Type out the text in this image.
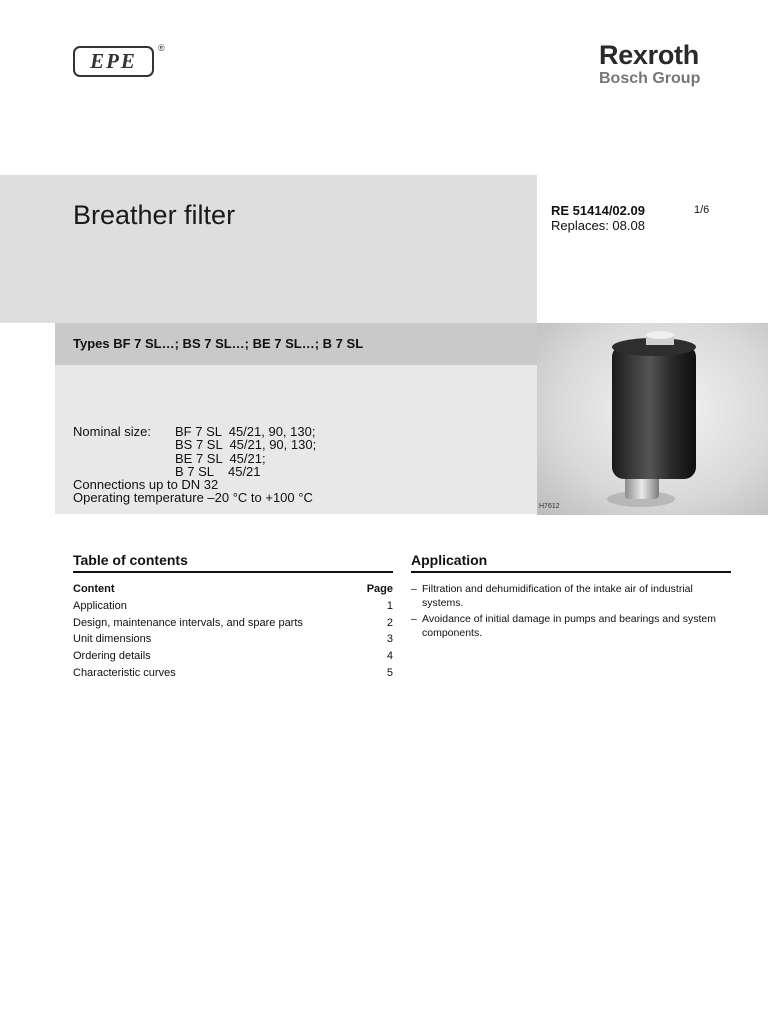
EPE
®	Rexroth
Bosch Group
Breather filter	RE 51414/02.09
Replaces: 08.08
1/6
Types BF 7 SL…; BS 7 SL…; BE 7 SL…; B 7 SL
Nominal size: BF 7 SL  45/21, 90, 130;
BS 7 SL  45/21, 90, 130;
BE 7 SL  45/21;
B 7 SL    45/21
Connections up to DN 32
Operating temperature –20 °C to +100 °C
H7612
Table of contents
Content	Page
Application	1
Design, maintenance intervals, and spare parts	2
Unit dimensions	3
Ordering details	4
Characteristic curves	5
Application
– Filtration and dehumidification of the intake air of industrial systems.
– Avoidance of initial damage in pumps and bearings and system components.
